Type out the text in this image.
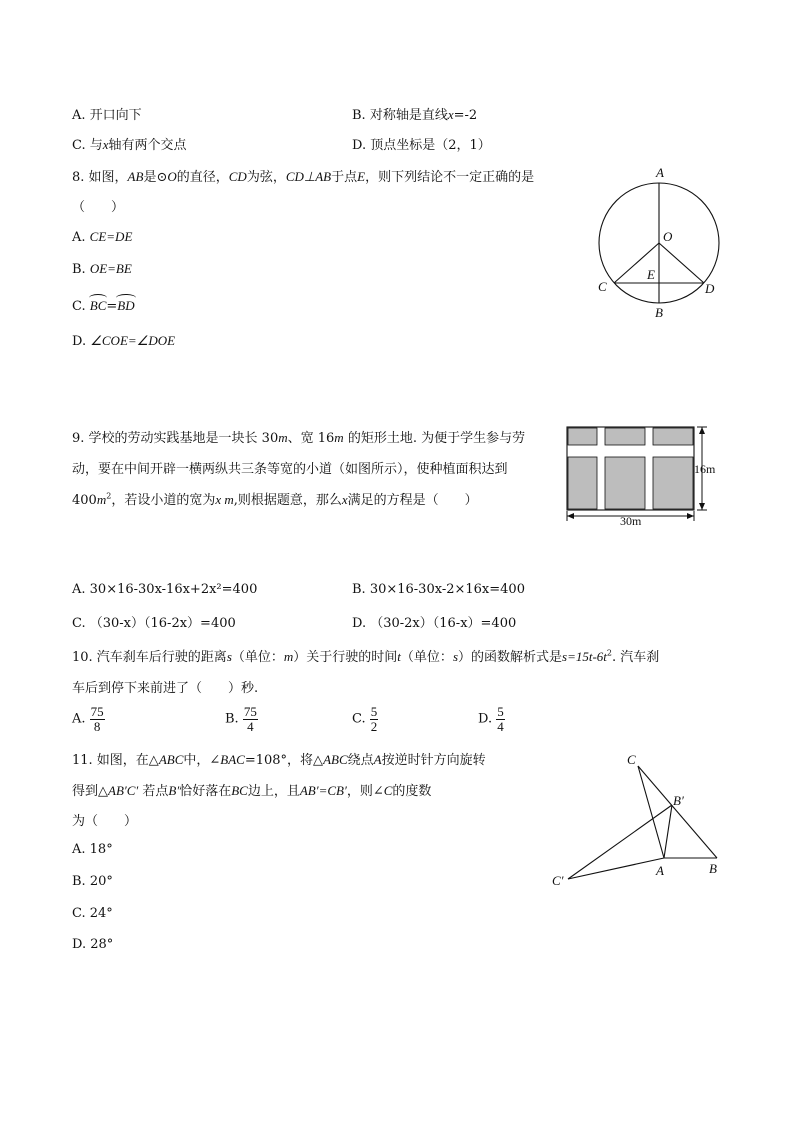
A. 开口向下	B. 对称轴是直线x=-2
C. 与x轴有两个交点	D. 顶点坐标是（2，1）
8. 如图，AB是⊙O的直径，CD为弦，CD⊥AB于点E，则下列结论不一定正确的是
（　　）
A. CE=DE
B. OE=BE
C. BC=BD
D. ∠COE=∠DOE
A
B
C	D
O
E
9. 学校的劳动实践基地是一块长 30m、宽 16m 的矩形土地. 为便于学生参与劳
动，要在中间开辟一横两纵共三条等宽的小道（如图所示），使种植面积达到
$400m^2$，若设小道的宽为x m,则根据题意，那么x满足的方程是（　　）
16m
30m
A. 30×16-30x-16x+2x²=400	B. 30×16-30x-2×16x=400
C. （30-x）（16-2x）=400	D. （30-2x）（16-x）=400
10. 汽车刹车后行驶的距离s（单位：m）关于行驶的时间t（单位：s）的函数解析式是$s=15t-6t^2$. 汽车刹
车后到停下来前进了（　　）秒.
A. $\frac{75}{8}$	B. $\frac{75}{4}$	C. $\frac{5}{2}$	D. $\frac{5}{4}$
11. 如图，在△ABC中，∠BAC=108°，将△ABC绕点A按逆时针方向旋转
得到△AB′C′ 若点B′恰好落在BC边上，且AB′=CB′，则∠C的度数
为（　　）
A. 18°
B. 20°
C. 24°
D. 28°
C
B′
C′
A	B
